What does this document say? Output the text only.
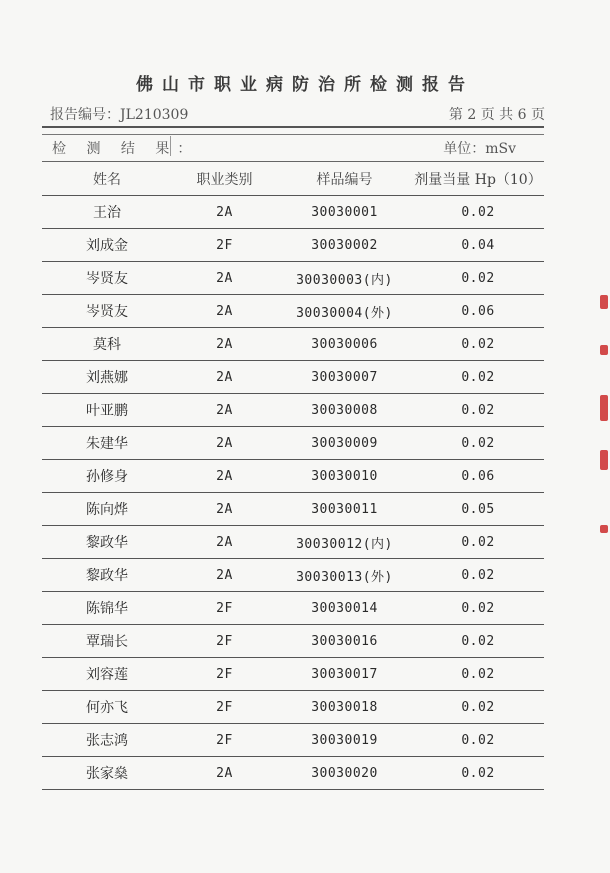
佛山市职业病防治所检测报告
报告编号：JL210309	第 2 页 共 6 页
检 测 结 果：	单位：mSv
姓名	职业类别	样品编号	剂量当量 Hp（10）
王治	2A	30030001	0.02
刘成金	2F	30030002	0.04
岑贤友	2A	30030003(内)	0.02
岑贤友	2A	30030004(外)	0.06
莫科	2A	30030006	0.02
刘燕娜	2A	30030007	0.02
叶亚鹏	2A	30030008	0.02
朱建华	2A	30030009	0.02
孙修身	2A	30030010	0.06
陈向烨	2A	30030011	0.05
黎政华	2A	30030012(内)	0.02
黎政华	2A	30030013(外)	0.02
陈锦华	2F	30030014	0.02
覃瑞长	2F	30030016	0.02
刘容莲	2F	30030017	0.02
何亦飞	2F	30030018	0.02
张志鸿	2F	30030019	0.02
张家燊	2A	30030020	0.02
